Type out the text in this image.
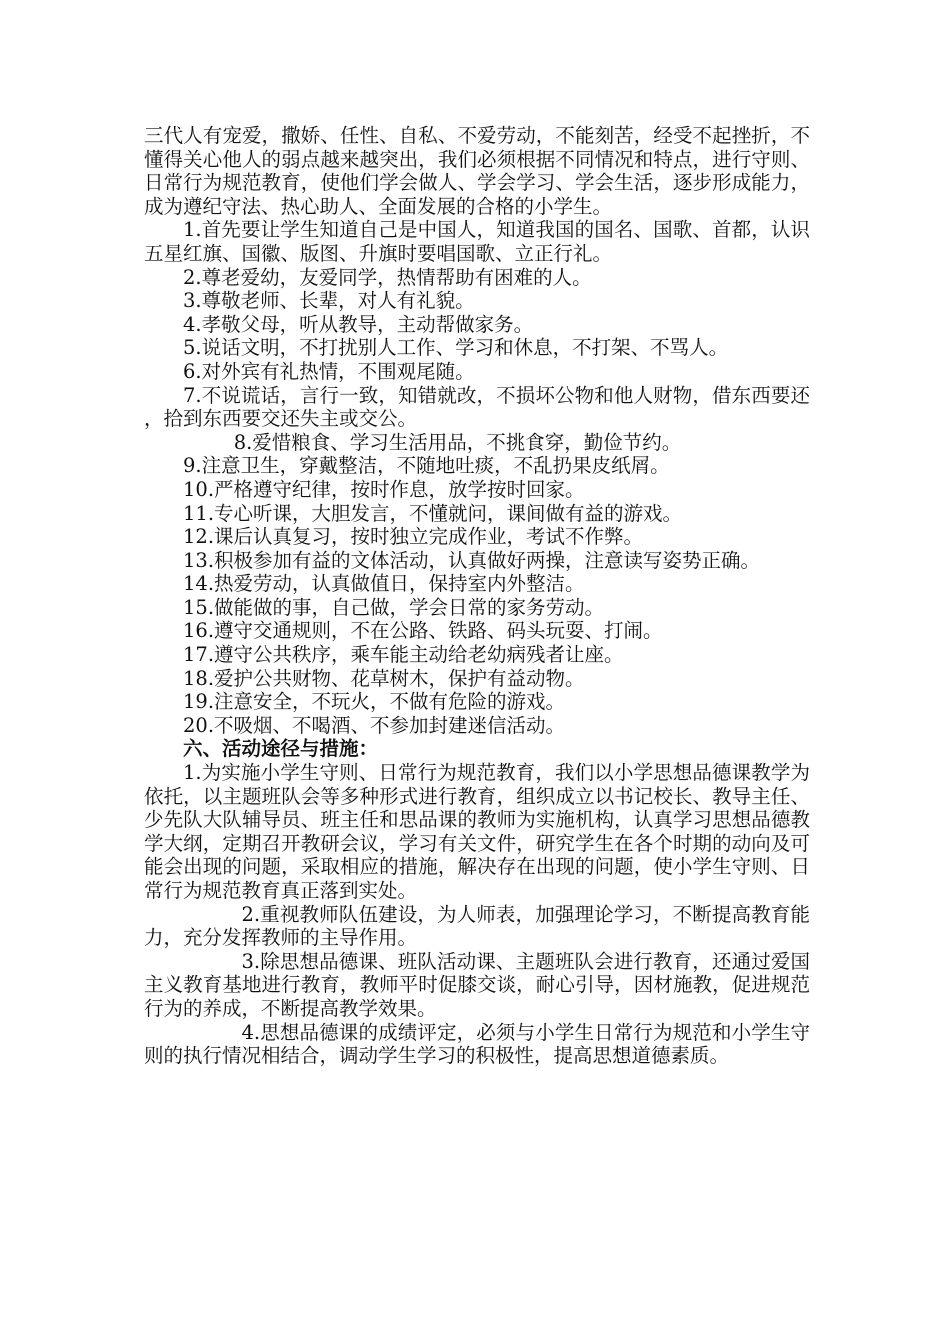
三代人有宠爱，撒娇、任性、自私、不爱劳动，不能刻苦，经受不起挫折，不懂得关心他人的弱点越来越突出，我们必须根据不同情况和特点，进行守则、日常行为规范教育，使他们学会做人、学会学习、学会生活，逐步形成能力，成为遵纪守法、热心助人、全面发展的合格的小学生。

1.首先要让学生知道自己是中国人，知道我国的国名、国歌、首都，认识五星红旗、国徽、版图、升旗时要唱国歌、立正行礼。

2.尊老爱幼，友爱同学，热情帮助有困难的人。

3.尊敬老师、长辈，对人有礼貌。

4.孝敬父母，听从教导，主动帮做家务。

5.说话文明，不打扰别人工作、学习和休息，不打架、不骂人。

6.对外宾有礼热情，不围观尾随。

7.不说谎话，言行一致，知错就改，不损坏公物和他人财物，借东西要还，拾到东西要交还失主或交公。

8.爱惜粮食、学习生活用品，不挑食穿，勤俭节约。

9.注意卫生，穿戴整洁，不随地吐痰，不乱扔果皮纸屑。

10.严格遵守纪律，按时作息，放学按时回家。

11.专心听课，大胆发言，不懂就问，课间做有益的游戏。

12.课后认真复习，按时独立完成作业，考试不作弊。

13.积极参加有益的文体活动，认真做好两操，注意读写姿势正确。

14.热爱劳动，认真做值日，保持室内外整洁。

15.做能做的事，自己做，学会日常的家务劳动。

16.遵守交通规则，不在公路、铁路、码头玩耍、打闹。

17.遵守公共秩序，乘车能主动给老幼病残者让座。

18.爱护公共财物、花草树木，保护有益动物。

19.注意安全，不玩火，不做有危险的游戏。

20.不吸烟、不喝酒、不参加封建迷信活动。

六、活动途径与措施：

1.为实施小学生守则、日常行为规范教育，我们以小学思想品德课教学为依托，以主题班队会等多种形式进行教育，组织成立以书记校长、教导主任、少先队大队辅导员、班主任和思品课的教师为实施机构，认真学习思想品德教学大纲，定期召开教研会议，学习有关文件，研究学生在各个时期的动向及可能会出现的问题，采取相应的措施，解决存在出现的问题，使小学生守则、日常行为规范教育真正落到实处。

2.重视教师队伍建设，为人师表，加强理论学习，不断提高教育能力，充分发挥教师的主导作用。

3.除思想品德课、班队活动课、主题班队会进行教育，还通过爱国主义教育基地进行教育，教师平时促膝交谈，耐心引导，因材施教，促进规范行为的养成，不断提高教学效果。

4.思想品德课的成绩评定，必须与小学生日常行为规范和小学生守则的执行情况相结合，调动学生学习的积极性，提高思想道德素质。
